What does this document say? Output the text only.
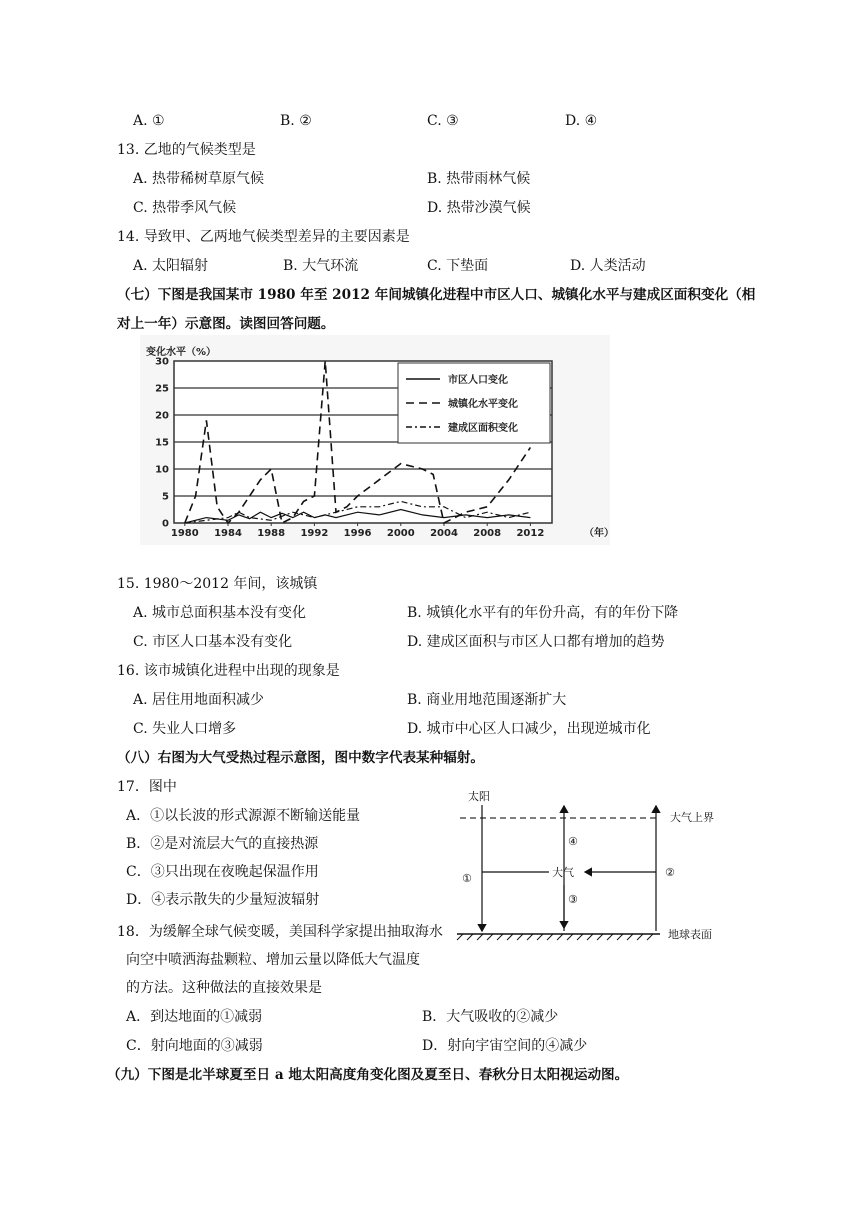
A. ①	B. ②	C. ③	D. ④
13. 乙地的气候类型是
A. 热带稀树草原气候	B. 热带雨林气候
C. 热带季风气候	D. 热带沙漠气候
14. 导致甲、乙两地气候类型差异的主要因素是
A. 太阳辐射	B. 大气环流	C. 下垫面	D. 人类活动
（七）下图是我国某市 1980 年至 2012 年间城镇化进程中市区人口、城镇化水平与建成区面积变化（相
对上一年）示意图。读图回答问题。
变化水平（%）
0
5
10
15
20
25
30
1980 1984 1988 1992 1996 2000 2004 2008 2012
市区人口变化
城镇化水平变化
建成区面积变化
（年）
15. 1980～2012 年间，该城镇
A. 城市总面积基本没有变化	B. 城镇化水平有的年份升高，有的年份下降
C. 市区人口基本没有变化	D. 建成区面积与市区人口都有增加的趋势
16. 该市城镇化进程中出现的现象是
A. 居住用地面积减少	B. 商业用地范围逐渐扩大
C. 失业人口增多	D. 城市中心区人口减少，出现逆城市化
（八）右图为大气受热过程示意图，图中数字代表某种辐射。
17．图中
A．①以长波的形式源源不断输送能量
B．②是对流层大气的直接热源
C．③只出现在夜晚起保温作用
D．④表示散失的少量短波辐射
太阳
大气上界
①
④
大气
③
②
地球表面
18．为缓解全球气候变暖，美国科学家提出抽取海水
向空中喷洒海盐颗粒、增加云量以降低大气温度
的方法。这种做法的直接效果是
A．到达地面的①减弱	B．大气吸收的②减少
C．射向地面的③减弱	D．射向宇宙空间的④减少
（九）下图是北半球夏至日 a 地太阳高度角变化图及夏至日、春秋分日太阳视运动图。
